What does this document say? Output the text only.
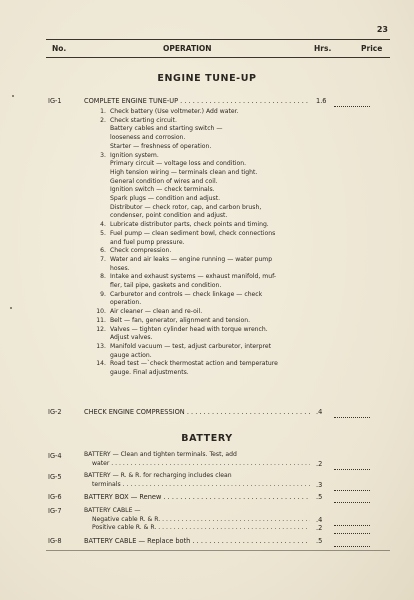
23
No.	OPERATION	Hrs.	Price
ENGINE TUNE-UP
IG-1	COMPLETE ENGINE TUNE-UP . . .	1.6
1. Check battery (Use voltmeter.) Add water.
2. Check starting circuit.
Battery cables and starting switch —
looseness and corrosion.
Starter — freshness of operation.
3. Ignition system.
Primary circuit — voltage loss and condition.
High tension wiring — terminals clean and tight.
General condition of wires and coil.
Ignition switch — check terminals.
Spark plugs — condition and adjust.
Distributor — check rotor, cap, and carbon brush,
condenser, point condition and adjust.
4. Lubricate distributor parts, check points and timing.
5. Fuel pump — clean sediment bowl, check connections
and fuel pump pressure.
6. Check compression.
7. Water and air leaks — engine running — water pump
hoses.
8. Intake and exhaust systems — exhaust manifold, muf-
fler, tail pipe, gaskets and condition.
9. Carburetor and controls — check linkage — check
operation.
10. Air cleaner — clean and re-oil.
11. Belt — fan, generator, alignment and tension.
12. Valves — tighten cylinder head with torque wrench.
Adjust valves.
13. Manifold vacuum — test, adjust carburetor, interpret
gauge action.
14. Road test —`check thermostat action and temperature
gauge. Final adjustments.
IG-2	CHECK ENGINE COMPRESSION . . .	.4
BATTERY
IG-4	BATTERY — Clean and tighten terminals. Test, add
water . . .	.2
IG-5	BATTERY — R. & R. for recharging includes clean
terminals . . .	.3
IG-6	BATTERY BOX — Renew . . .	.5
IG-7	BATTERY CABLE —
Negative cable R. & R. . . .	.4
Positive cable R. & R. . . .	.2
IG-8	BATTERY CABLE — Replace both . . .	.5
